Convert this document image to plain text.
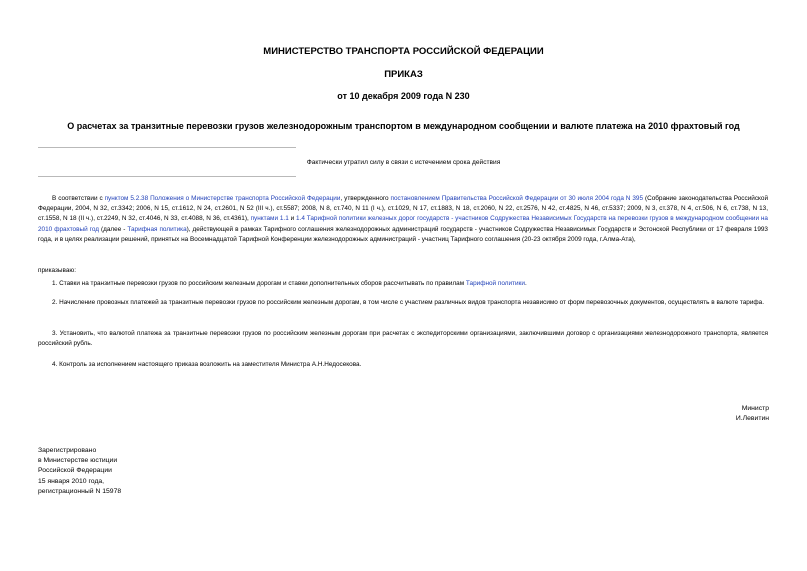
МИНИСТЕРСТВО ТРАНСПОРТА РОССИЙСКОЙ ФЕДЕРАЦИИ
ПРИКАЗ
от 10 декабря 2009 года N 230
О расчетах за транзитные перевозки грузов железнодорожным транспортом в международном сообщении и валюте платежа на 2010 фрахтовый год
Фактически утратил силу в связи с истечением срока действия
В соответствии с пунктом 5.2.38 Положения о Министерстве транспорта Российской Федерации, утвержденного постановлением Правительства Российской Федерации от 30 июля 2004 года N 395 (Собрание законодательства Российской Федерации, 2004, N 32, ст.3342; 2006, N 15, ст.1612, N 24, ст.2601, N 52 (III ч.), ст.5587; 2008, N 8, ст.740, N 11 (I ч.), ст.1029, N 17, ст.1883, N 18, ст.2060, N 22, ст.2576, N 42, ст.4825, N 46, ст.5337; 2009, N 3, ст.378, N 4, ст.506, N 6, ст.738, N 13, ст.1558, N 18 (II ч.), ст.2249, N 32, ст.4046, N 33, ст.4088, N 36, ст.4361), пунктами 1.1 и 1.4 Тарифной политики железных дорог государств - участников Содружества Независимых Государств на перевозки грузов в международном сообщении на 2010 фрахтовый год (далее - Тарифная политика), действующей в рамках Тарифного соглашения железнодорожных администраций государств - участников Содружества Независимых Государств и Эстонской Республики от 17 февраля 1993 года, и в целях реализации решений, принятых на Восемнадцатой Тарифной Конференции железнодорожных администраций - участниц Тарифного соглашения (20-23 октября 2009 года, г.Алма-Ата),
приказываю:
1. Ставки на транзитные перевозки грузов по российским железным дорогам и ставки дополнительных сборов рассчитывать по правилам Тарифной политики.
2. Начисление провозных платежей за транзитные перевозки грузов по российским железным дорогам, в том числе с участием различных видов транспорта независимо от форм перевозочных документов, осуществлять в валюте тарифа.
3. Установить, что валютой платежа за транзитные перевозки грузов по российским железным дорогам при расчетах с экспедиторскими организациями, заключившими договор с организациями железнодорожного транспорта, является российский рубль.
4. Контроль за исполнением настоящего приказа возложить на заместителя Министра А.Н.Недосекова.
Министр
И.Левитин
Зарегистрировано
в Министерстве юстиции
Российской Федерации
15 января 2010 года,
регистрационный N 15978
